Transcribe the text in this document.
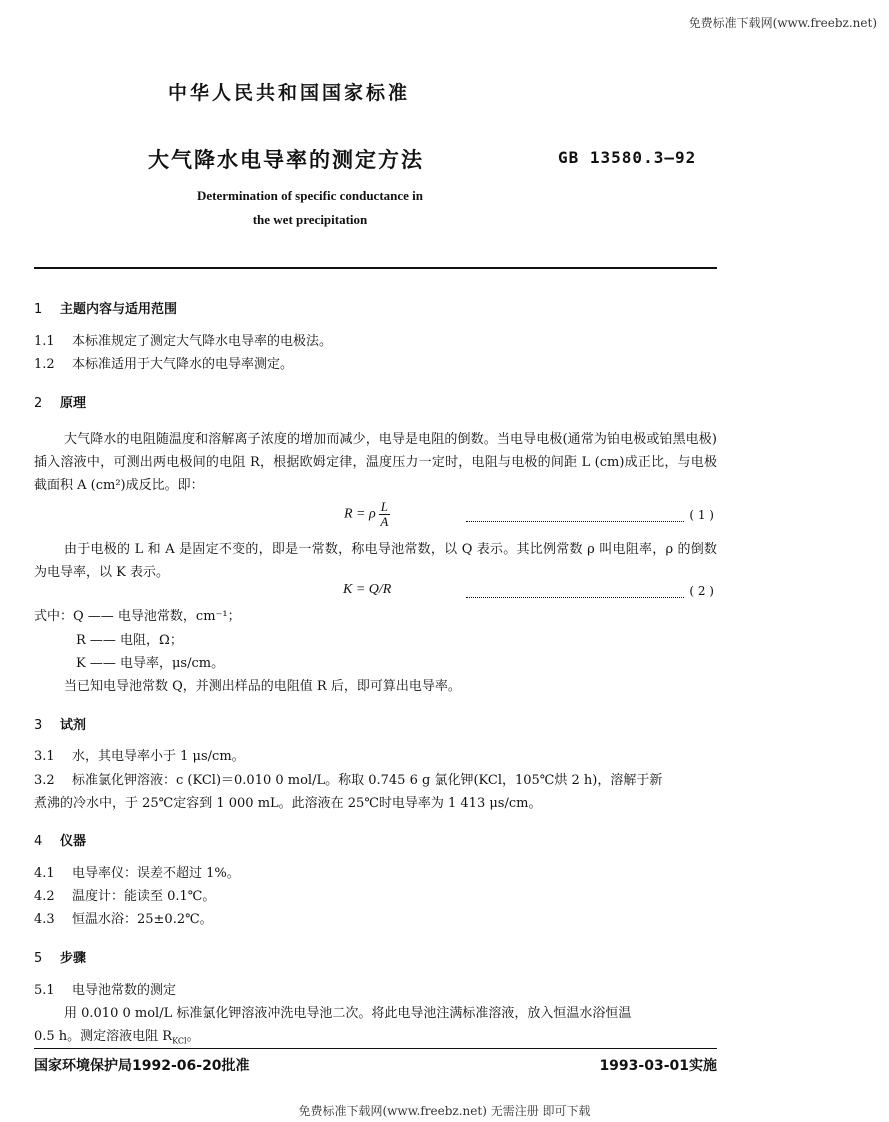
免费标准下载网(www.freebz.net)
中华人民共和国国家标准
大气降水电导率的测定方法	GB 13580.3—92
Determination of specific conductance in
the wet precipitation
1 主题内容与适用范围
1.1 本标准规定了测定大气降水电导率的电极法。
1.2 本标准适用于大气降水的电导率测定。
2 原理
大气降水的电阻随温度和溶解离子浓度的增加而减少，电导是电阻的倒数。当电导电极(通常为铂电极或铂黑电极)插入溶液中，可测出两电极间的电阻 R，根据欧姆定律，温度压力一定时，电阻与电极的间距 L (cm)成正比，与电极截面积 A (cm²)成反比。即：
R = ρ $\frac{L}{A}$	( 1 )
由于电极的 L 和 A 是固定不变的，即是一常数，称电导池常数，以 Q 表示。其比例常数 ρ 叫电阻率，ρ 的倒数为电导率，以 K 表示。
K = Q/R	( 2 )
式中：Q —— 电导池常数，cm⁻¹；
R —— 电阻，Ω；
K —— 电导率，μs/cm。
当已知电导池常数 Q，并测出样品的电阻值 R 后，即可算出电导率。
3 试剂
3.1 水，其电导率小于 1 μs/cm。
3.2 标准氯化钾溶液：c (KCl)＝0.010 0 mol/L。称取 0.745 6 g 氯化钾(KCl，105℃烘 2 h)，溶解于新
煮沸的冷水中，于 25℃定容到 1 000 mL。此溶液在 25℃时电导率为 1 413 μs/cm。
4 仪器
4.1 电导率仪：误差不超过 1%。
4.2 温度计：能读至 0.1℃。
4.3 恒温水浴：25±0.2℃。
5 步骤
5.1 电导池常数的测定
用 0.010 0 mol/L 标准氯化钾溶液冲洗电导池二次。将此电导池注满标准溶液，放入恒温水浴恒温
0.5 h。测定溶液电阻 $R_{KCl}$。
国家环境保护局1992-06-20批准	1993-03-01实施
免费标准下载网(www.freebz.net) 无需注册 即可下载
